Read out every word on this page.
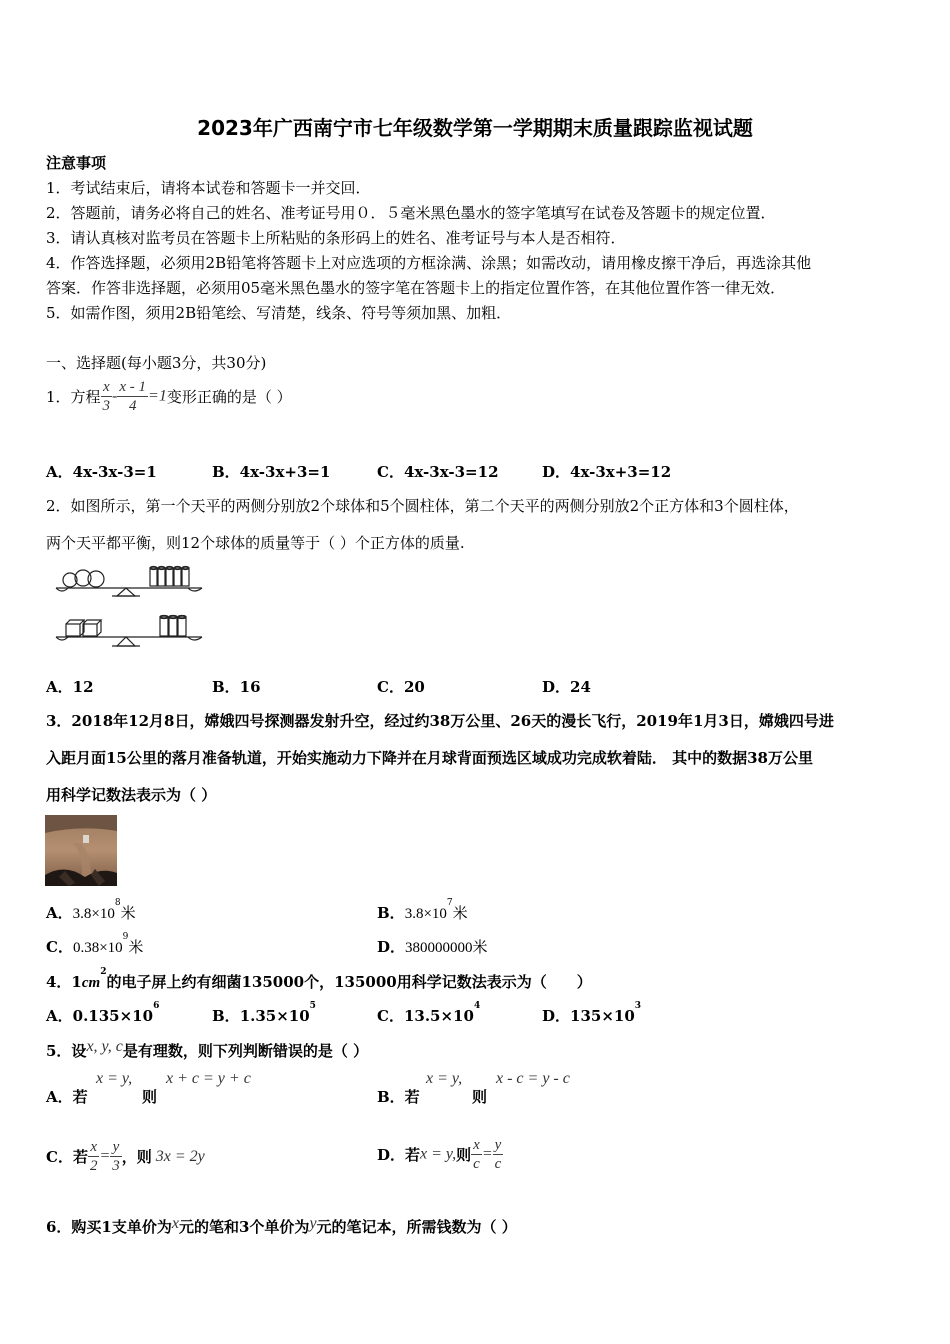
2023年广西南宁市七年级数学第一学期期末质量跟踪监视试题
注意事项
1．考试结束后，请将本试卷和答题卡一并交回．
2．答题前，请务必将自己的姓名、准考证号用０．５毫米黑色墨水的签字笔填写在试卷及答题卡的规定位置．
3．请认真核对监考员在答题卡上所粘贴的条形码上的姓名、准考证号与本人是否相符．
4．作答选择题，必须用2B铅笔将答题卡上对应选项的方框涂满、涂黑；如需改动，请用橡皮擦干净后，再选涂其他
答案．作答非选择题，必须用05毫米黑色墨水的签字笔在答题卡上的指定位置作答，在其他位置作答一律无效．
5．如需作图，须用2B铅笔绘、写清楚，线条、符号等须加黑、加粗．
一、选择题(每小题3分，共30分)
1．方程 $\frac{x}{3} - \frac{x - 1}{4} =1$变形正确的是（ ）
A．4x-3x-3=1	B．4x-3x+3=1	C．4x-3x-3=12	D．4x-3x+3=12
2．如图所示，第一个天平的两侧分别放2个球体和5个圆柱体，第二个天平的两侧分别放2个正方体和3个圆柱体，
两个天平都平衡，则12个球体的质量等于（ ）个正方体的质量.
A．12	B．16	C．20	D．24
3．2018年12月8日，嫦娥四号探测器发射升空，经过约38万公里、26天的漫长飞行，2019年1月3日，嫦娥四号进
入距月面15公里的落月准备轨道，开始实施动力下降并在月球背面预选区域成功完成软着陆． 其中的数据38万公里
用科学记数法表示为（ ）
A．$3.8\times 10^8$米	B．$3.8\times 10^7$米
C．$0.38\times 10^9$米	D．380000000米
4．$1cm^2$的电子屏上约有细菌135000个，135000用科学记数法表示为（　　）
A．$0.135\times 10^6$
B．$1.35\times 10^5$
C．$13.5\times 10^4$
D．$135\times 10^3$
5．设x, y, c是有理数，则下列判断错误的是（ ）
A．若
x = y,
则
x + c = y + c
B．若
x = y,
则
x - c = y - c
C．若 $\frac{x}{2} = \frac{y}{3}$ ，则 3x = 2y	D．若x = y,则 $\frac{x}{c} = \frac{y}{c}$
6．购买1支单价为x元的笔和3个单价为y元的笔记本，所需钱数为（ ）
